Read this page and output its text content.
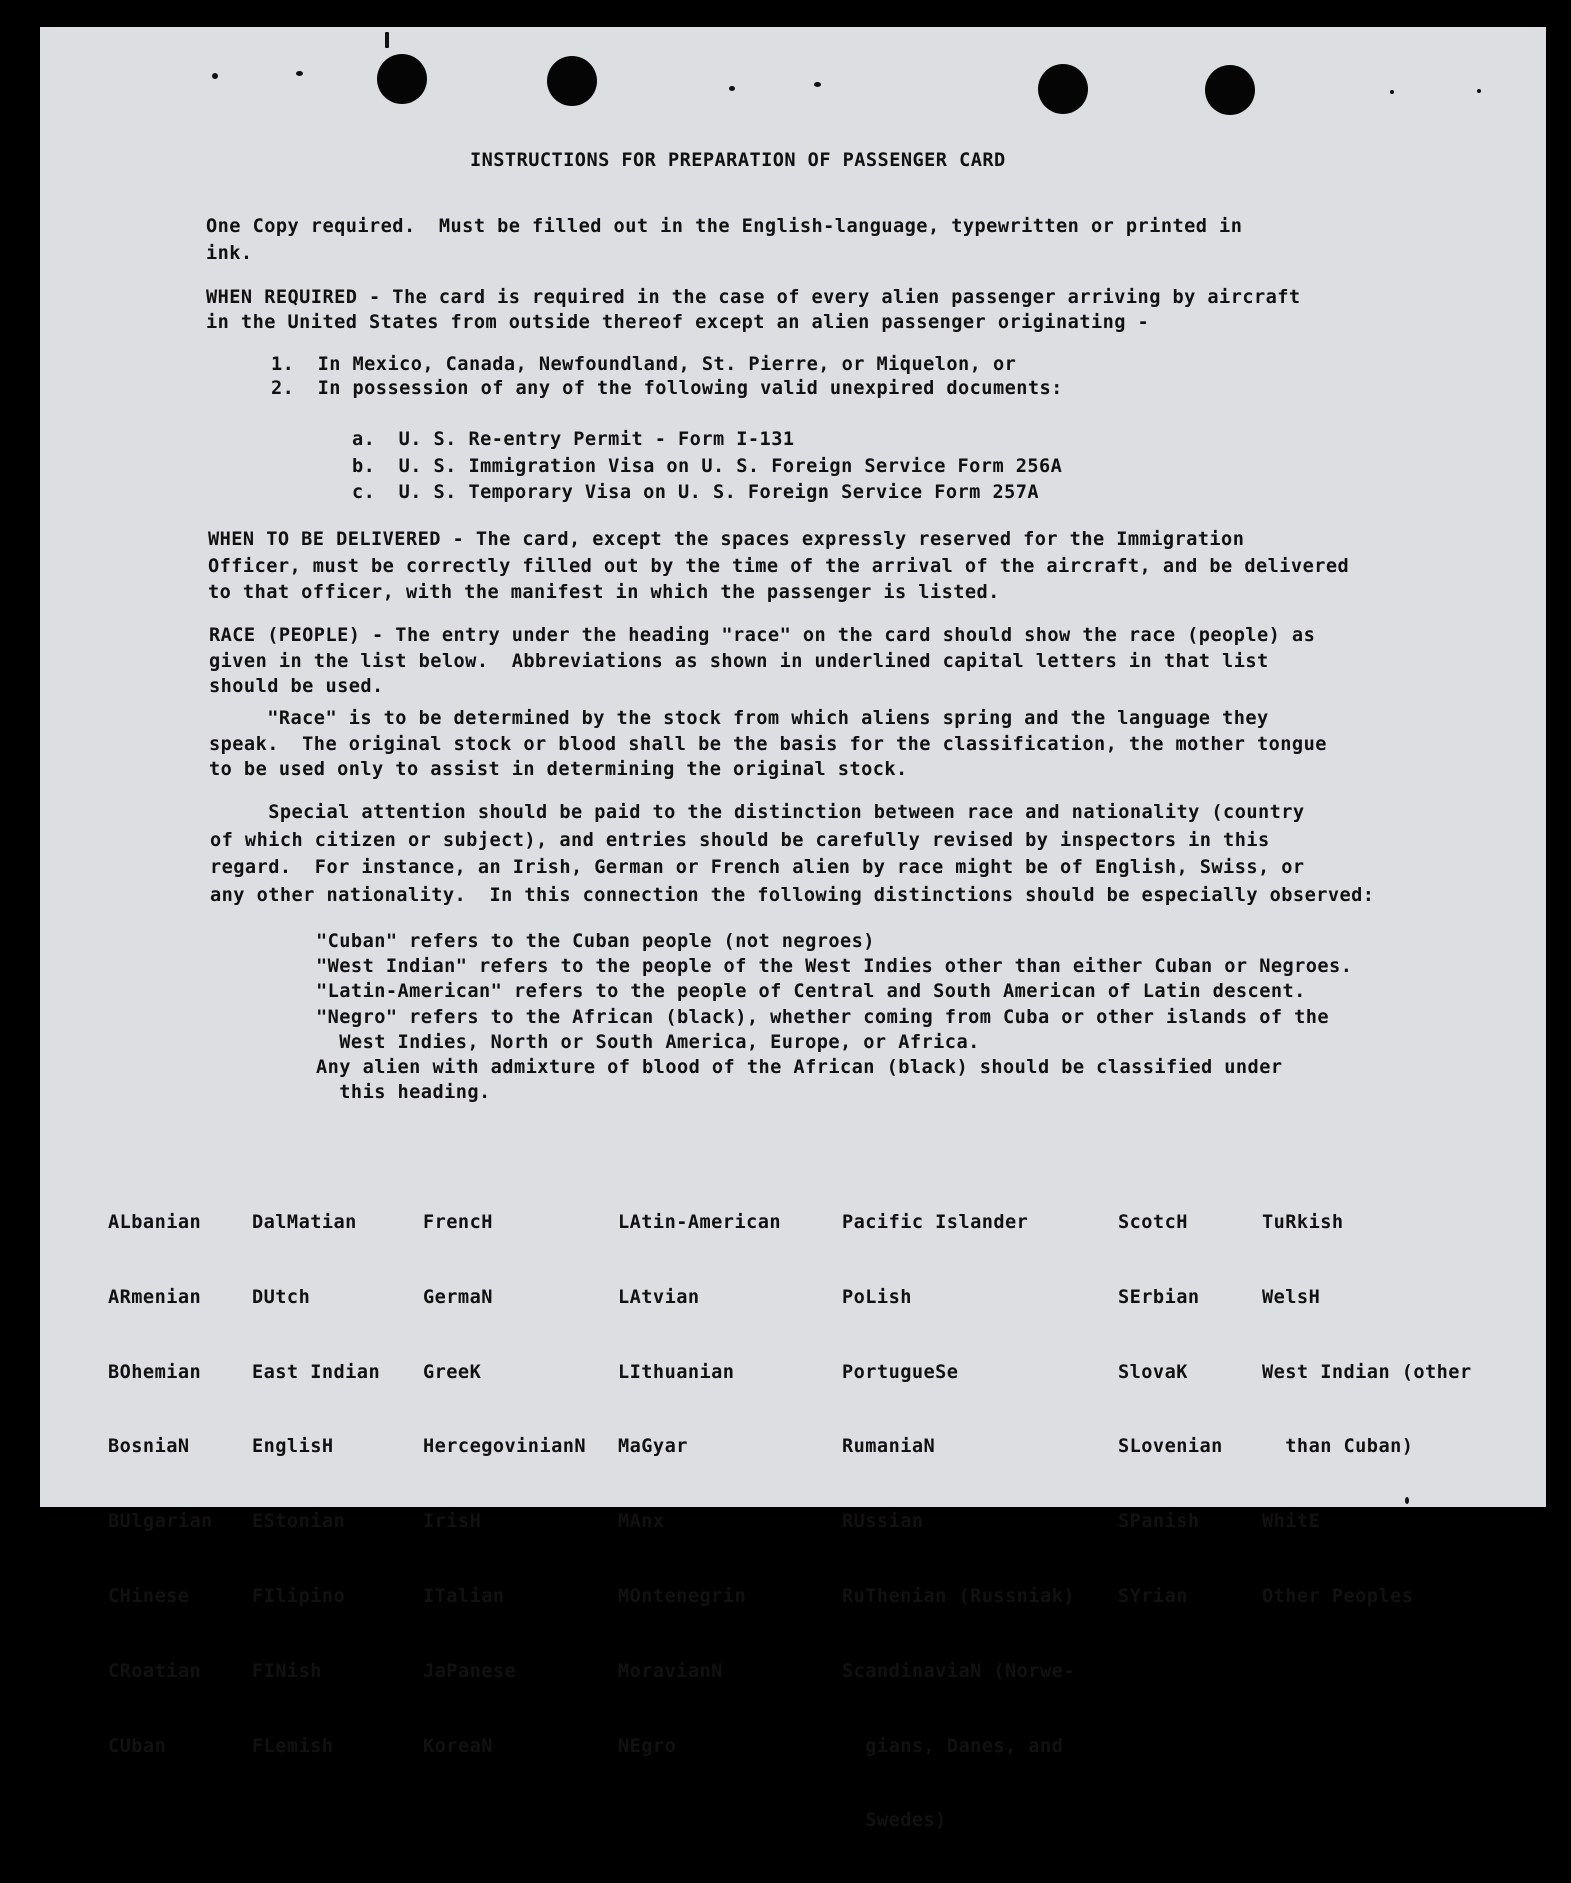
INSTRUCTIONS FOR PREPARATION OF PASSENGER CARD

One Copy required.  Must be filled out in the English-language, typewritten or printed in
ink.

WHEN REQUIRED - The card is required in the case of every alien passenger arriving by aircraft
in the United States from outside thereof except an alien passenger originating -

1.  In Mexico, Canada, Newfoundland, St. Pierre, or Miquelon, or
2.  In possession of any of the following valid unexpired documents:

a.  U. S. Re-entry Permit - Form I-131
b.  U. S. Immigration Visa on U. S. Foreign Service Form 256A
c.  U. S. Temporary Visa on U. S. Foreign Service Form 257A

WHEN TO BE DELIVERED - The card, except the spaces expressly reserved for the Immigration
Officer, must be correctly filled out by the time of the arrival of the aircraft, and be delivered
to that officer, with the manifest in which the passenger is listed.

RACE (PEOPLE) - The entry under the heading "race" on the card should show the race (people) as
given in the list below.  Abbreviations as shown in underlined capital letters in that list
should be used.

"Race" is to be determined by the stock from which aliens spring and the language they
speak.  The original stock or blood shall be the basis for the classification, the mother tongue
to be used only to assist in determining the original stock.

Special attention should be paid to the distinction between race and nationality (country
of which citizen or subject), and entries should be carefully revised by inspectors in this
regard.  For instance, an Irish, German or French alien by race might be of English, Swiss, or
any other nationality.  In this connection the following distinctions should be especially observed:

"Cuban" refers to the Cuban people (not negroes)
"West Indian" refers to the people of the West Indies other than either Cuban or Negroes.
"Latin-American" refers to the people of Central and South American of Latin descent.
"Negro" refers to the African (black), whether coming from Cuba or other islands of the
West Indies, North or South America, Europe, or Africa.
Any alien with admixture of blood of the African (black) should be classified under
this heading.

ALbanian

ARmenian

BOhemian

BosniaN

BUlgarian

CHinese

CRoatian

CUban

DalMatian

DUtch

East Indian

EnglisH

EStonian

FIlipino

FINish

FLemish

FrencH

GermaN

GreeK

HercegovinianN

IrisH

ITalian

JaPanese

KoreaN

LAtin-American

LAtvian

LIthuanian

MaGyar

MAnx

MOntenegrin

MoravianN

NEgro

Pacific Islander

PoLish

PortugueSe

RumaniaN

RUssian

RuThenian (Russniak)

ScandinaviaN (Norwe-

gians, Danes, and

Swedes)

ScotcH

SErbian

SlovaK

SLovenian

SPanish

SYrian

TuRkish

WelsH

West Indian (other

than Cuban)

WhitE

Other Peoples
